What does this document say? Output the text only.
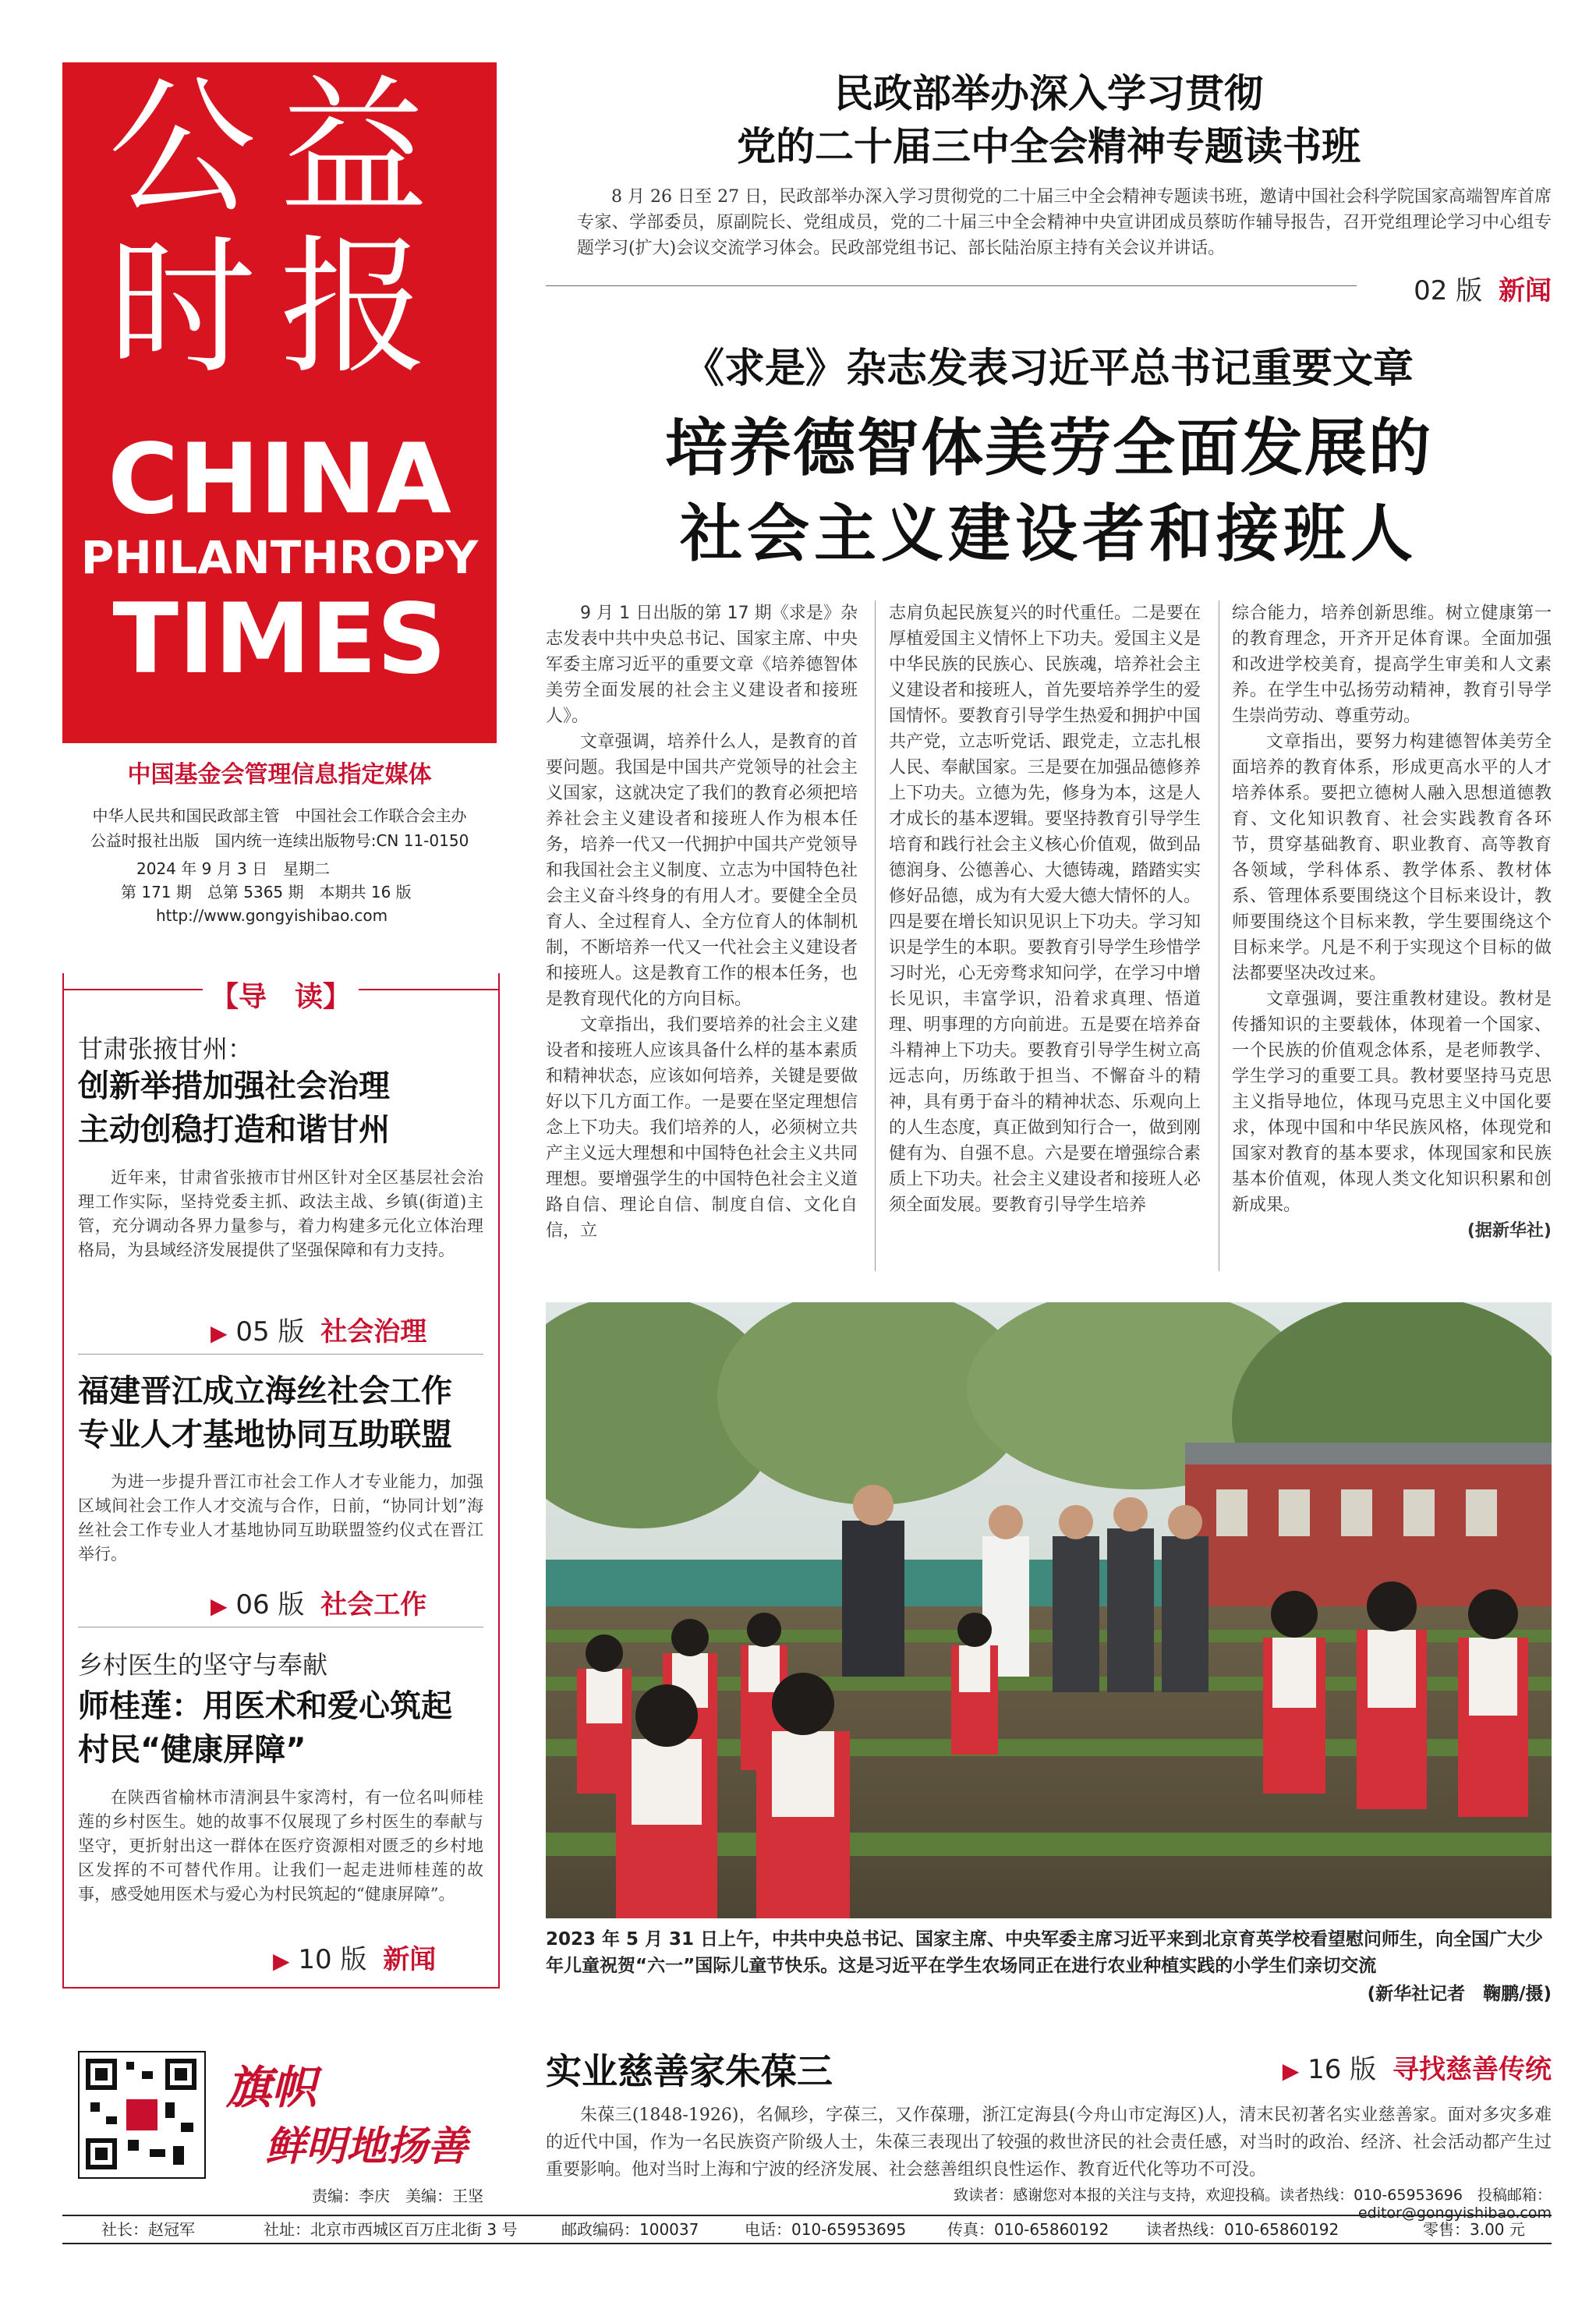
公益
时报
CHINA
PHILANTHROPY
TIMES
中国基金会管理信息指定媒体
中华人民共和国民政部主管　中国社会工作联合会主办
公益时报社出版　国内统一连续出版物号:CN 11-0150
2024 年 9 月 3 日　星期二
第 171 期　总第 5365 期　本期共 16 版
http://www.gongyishibao.com
【导　读】
甘肃张掖甘州：
创新举措加强社会治理
主动创稳打造和谐甘州
近年来，甘肃省张掖市甘州区针对全区基层社会治理工作实际，坚持党委主抓、政法主战、乡镇(街道)主管，充分调动各界力量参与，着力构建多元化立体治理格局，为县域经济发展提供了坚强保障和有力支持。
▶ 05 版 社会治理
福建晋江成立海丝社会工作
专业人才基地协同互助联盟
为进一步提升晋江市社会工作人才专业能力，加强区域间社会工作人才交流与合作，日前，“协同计划”海丝社会工作专业人才基地协同互助联盟签约仪式在晋江举行。
▶ 06 版 社会工作
乡村医生的坚守与奉献
师桂莲：用医术和爱心筑起
村民“健康屏障”
在陕西省榆林市清涧县牛家湾村，有一位名叫师桂莲的乡村医生。她的故事不仅展现了乡村医生的奉献与坚守，更折射出这一群体在医疗资源相对匮乏的乡村地区发挥的不可替代作用。让我们一起走进师桂莲的故事，感受她用医术与爱心为村民筑起的“健康屏障”。
▶ 10 版 新闻
民政部举办深入学习贯彻
党的二十届三中全会精神专题读书班
8 月 26 日至 27 日，民政部举办深入学习贯彻党的二十届三中全会精神专题读书班，邀请中国社会科学院国家高端智库首席专家、学部委员，原副院长、党组成员，党的二十届三中全会精神中央宣讲团成员蔡昉作辅导报告，召开党组理论学习中心组专题学习(扩大)会议交流学习体会。民政部党组书记、部长陆治原主持有关会议并讲话。
02 版 新闻
《求是》杂志发表习近平总书记重要文章
培养德智体美劳全面发展的
社会主义建设者和接班人

9 月 1 日出版的第 17 期《求是》杂志发表中共中央总书记、国家主席、中央军委主席习近平的重要文章《培养德智体美劳全面发展的社会主义建设者和接班人》。

文章强调，培养什么人，是教育的首要问题。我国是中国共产党领导的社会主义国家，这就决定了我们的教育必须把培养社会主义建设者和接班人作为根本任务，培养一代又一代拥护中国共产党领导和我国社会主义制度、立志为中国特色社会主义奋斗终身的有用人才。要健全全员育人、全过程育人、全方位育人的体制机制，不断培养一代又一代社会主义建设者和接班人。这是教育工作的根本任务，也是教育现代化的方向目标。

文章指出，我们要培养的社会主义建设者和接班人应该具备什么样的基本素质和精神状态，应该如何培养，关键是要做好以下几方面工作。一是要在坚定理想信念上下功夫。我们培养的人，必须树立共产主义远大理想和中国特色社会主义共同理想。要增强学生的中国特色社会主义道路自信、理论自信、制度自信、文化自信，立

志肩负起民族复兴的时代重任。二是要在厚植爱国主义情怀上下功夫。爱国主义是中华民族的民族心、民族魂，培养社会主义建设者和接班人，首先要培养学生的爱国情怀。要教育引导学生热爱和拥护中国共产党，立志听党话、跟党走，立志扎根人民、奉献国家。三是要在加强品德修养上下功夫。立德为先，修身为本，这是人才成长的基本逻辑。要坚持教育引导学生培育和践行社会主义核心价值观，做到品德润身、公德善心、大德铸魂，踏踏实实修好品德，成为有大爱大德大情怀的人。四是要在增长知识见识上下功夫。学习知识是学生的本职。要教育引导学生珍惜学习时光，心无旁骛求知问学，在学习中增长见识，丰富学识，沿着求真理、悟道理、明事理的方向前进。五是要在培养奋斗精神上下功夫。要教育引导学生树立高远志向，历练敢于担当、不懈奋斗的精神，具有勇于奋斗的精神状态、乐观向上的人生态度，真正做到知行合一，做到刚健有为、自强不息。六是要在增强综合素质上下功夫。社会主义建设者和接班人必须全面发展。要教育引导学生培养

综合能力，培养创新思维。树立健康第一的教育理念，开齐开足体育课。全面加强和改进学校美育，提高学生审美和人文素养。在学生中弘扬劳动精神，教育引导学生崇尚劳动、尊重劳动。

文章指出，要努力构建德智体美劳全面培养的教育体系，形成更高水平的人才培养体系。要把立德树人融入思想道德教育、文化知识教育、社会实践教育各环节，贯穿基础教育、职业教育、高等教育各领域，学科体系、教学体系、教材体系、管理体系要围绕这个目标来设计，教师要围绕这个目标来教，学生要围绕这个目标来学。凡是不利于实现这个目标的做法都要坚决改过来。

文章强调，要注重教材建设。教材是传播知识的主要载体，体现着一个国家、一个民族的价值观念体系，是老师教学、学生学习的重要工具。教材要坚持马克思主义指导地位，体现马克思主义中国化要求，体现中国和中华民族风格，体现党和国家对教育的基本要求，体现国家和民族基本价值观，体现人类文化知识积累和创新成果。

(据新华社)
2023 年 5 月 31 日上午，中共中央总书记、国家主席、中央军委主席习近平来到北京育英学校看望慰问师生，向全国广大少年儿童祝贺“六一”国际儿童节快乐。这是习近平在学生农场同正在进行农业种植实践的小学生们亲切交流
(新华社记者　鞠鹏/摄)
旗帜
鲜明地扬善
责编：李庆　美编：王坚
实业慈善家朱葆三	▶ 16 版 寻找慈善传统
朱葆三(1848-1926)，名佩珍，字葆三，又作葆珊，浙江定海县(今舟山市定海区)人，清末民初著名实业慈善家。面对多灾多难的近代中国，作为一名民族资产阶级人士，朱葆三表现出了较强的救世济民的社会责任感，对当时的政治、经济、社会活动都产生过重要影响。他对当时上海和宁波的经济发展、社会慈善组织良性运作、教育近代化等功不可没。
致读者：感谢您对本报的关注与支持，欢迎投稿。读者热线：010-65953696　投稿邮箱：editor@gongyishibao.com
社长：赵冠军	社址：北京市西城区百万庄北街 3 号	邮政编码：100037	电话：010-65953695	传真：010-65860192 读者热线：010-65860192	零售：3.00 元
